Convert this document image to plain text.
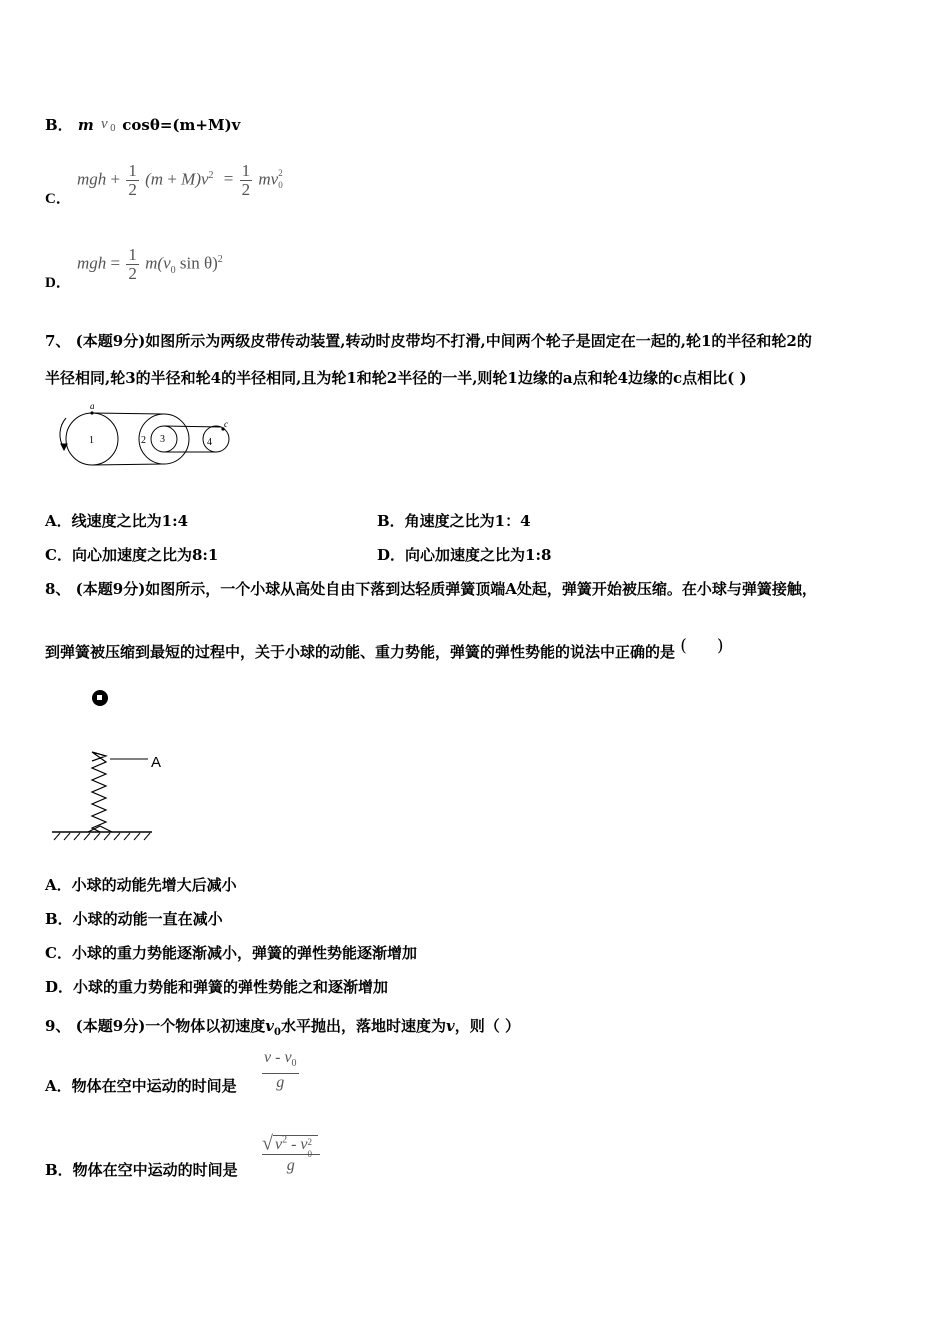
B． m v 0 cosθ=(m+M)v
C．
mgh + $\frac{1}{2} (m + M)v^2 = \frac{1}{2}$ mv 2
0
D．
mgh = $\frac{1}{2} m(v_0$ sin θ)$^2$
7、 (本题9分)如图所示为两级皮带传动装置,转动时皮带均不打滑,中间两个轮子是固定在一起的,轮1的半径和轮2的
半径相同,轮3的半径和轮4的半径相同,且为轮1和轮2半径的一半,则轮1边缘的a点和轮4边缘的c点相比( )
a
c
1	2 3	4
A．线速度之比为1:4	B．角速度之比为1：4
C．向心加速度之比为8:1	D．向心加速度之比为1:8
8、 (本题9分)如图所示，一个小球从高处自由下落到达轻质弹簧顶端A处起，弹簧开始被压缩。在小球与弹簧接触，
到弹簧被压缩到最短的过程中，关于小球的动能、重力势能，弹簧的弹性势能的说法中正确的是 ( )
A
A．小球的动能先增大后减小
B．小球的动能一直在减小
C．小球的重力势能逐渐减小，弹簧的弹性势能逐渐增加
D．小球的重力势能和弹簧的弹性势能之和逐渐增加
9、 (本题9分)一个物体以初速度$v_0$水平抛出，落地时速度为v，则（ ）
A．物体在空中运动的时间是 $\frac{v - v_0}{g}$
B．物体在空中运动的时间是 √ $v^2$ - v 2
0
g
